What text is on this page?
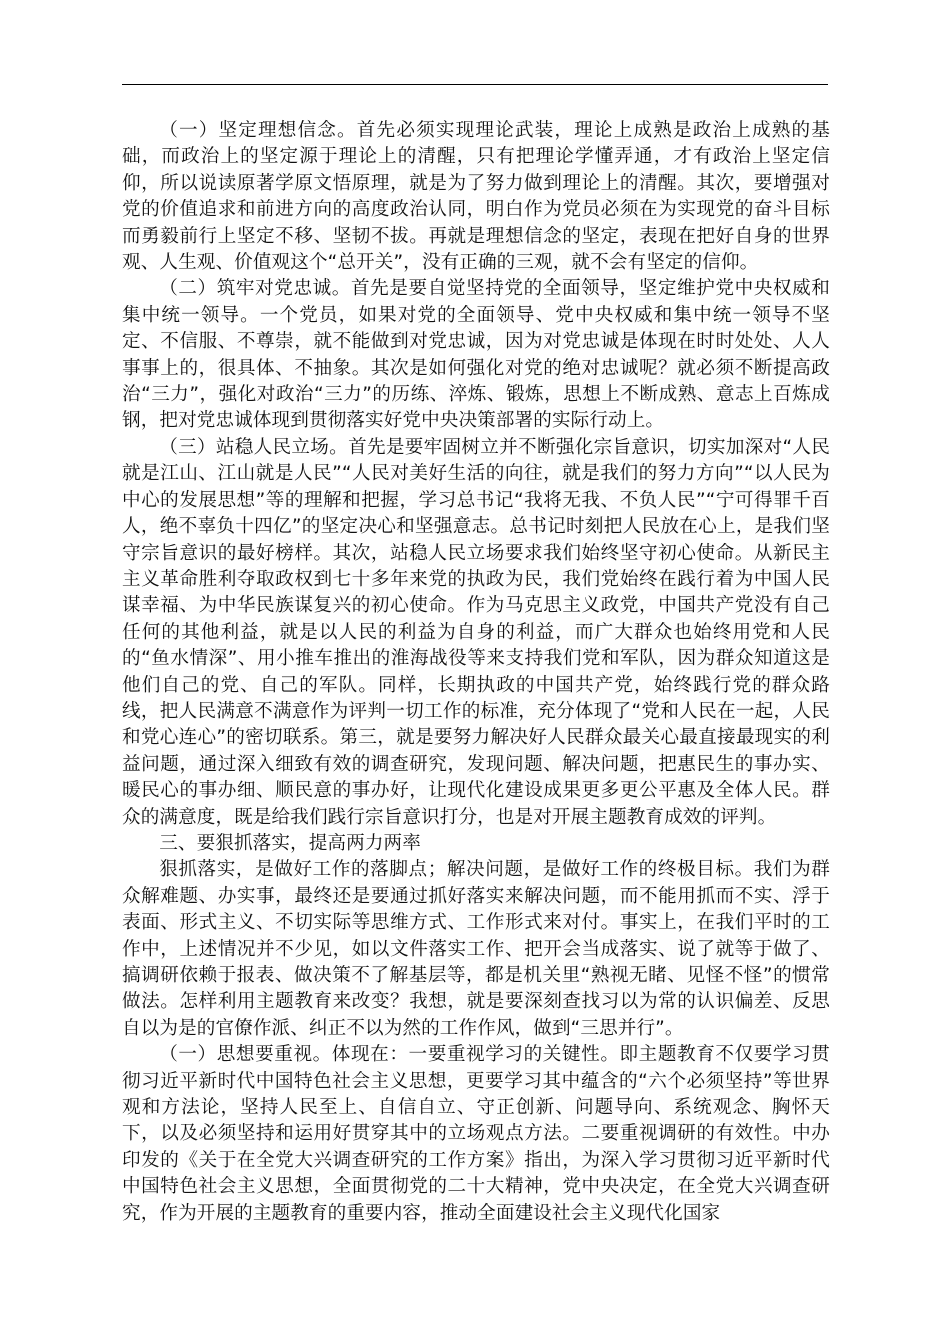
（一）坚定理想信念。首先必须实现理论武装，理论上成熟是政治上成熟的基础，而政治上的坚定源于理论上的清醒，只有把理论学懂弄通，才有政治上坚定信仰，所以说读原著学原文悟原理，就是为了努力做到理论上的清醒。其次，要增强对党的价值追求和前进方向的高度政治认同，明白作为党员必须在为实现党的奋斗目标而勇毅前行上坚定不移、坚韧不拔。再就是理想信念的坚定，表现在把好自身的世界观、人生观、价值观这个“总开关”，没有正确的三观，就不会有坚定的信仰。

（二）筑牢对党忠诚。首先是要自觉坚持党的全面领导，坚定维护党中央权威和集中统一领导。一个党员，如果对党的全面领导、党中央权威和集中统一领导不坚定、不信服、不尊崇，就不能做到对党忠诚，因为对党忠诚是体现在时时处处、人人事事上的，很具体、不抽象。其次是如何强化对党的绝对忠诚呢？就必须不断提高政治“三力”，强化对政治“三力”的历练、淬炼、锻炼，思想上不断成熟、意志上百炼成钢，把对党忠诚体现到贯彻落实好党中央决策部署的实际行动上。

（三）站稳人民立场。首先是要牢固树立并不断强化宗旨意识，切实加深对“人民就是江山、江山就是人民”“人民对美好生活的向往，就是我们的努力方向”“以人民为中心的发展思想”等的理解和把握，学习总书记“我将无我、不负人民”“宁可得罪千百人，绝不辜负十四亿”的坚定决心和坚强意志。总书记时刻把人民放在心上，是我们坚守宗旨意识的最好榜样。其次，站稳人民立场要求我们始终坚守初心使命。从新民主主义革命胜利夺取政权到七十多年来党的执政为民，我们党始终在践行着为中国人民谋幸福、为中华民族谋复兴的初心使命。作为马克思主义政党，中国共产党没有自己任何的其他利益，就是以人民的利益为自身的利益，而广大群众也始终用党和人民的“鱼水情深”、用小推车推出的淮海战役等来支持我们党和军队，因为群众知道这是他们自己的党、自己的军队。同样，长期执政的中国共产党，始终践行党的群众路线，把人民满意不满意作为评判一切工作的标准，充分体现了“党和人民在一起，人民和党心连心”的密切联系。第三，就是要努力解决好人民群众最关心最直接最现实的利益问题，通过深入细致有效的调查研究，发现问题、解决问题，把惠民生的事办实、暖民心的事办细、顺民意的事办好，让现代化建设成果更多更公平惠及全体人民。群众的满意度，既是给我们践行宗旨意识打分，也是对开展主题教育成效的评判。

三、要狠抓落实，提高两力两率

狠抓落实，是做好工作的落脚点；解决问题，是做好工作的终极目标。我们为群众解难题、办实事，最终还是要通过抓好落实来解决问题，而不能用抓而不实、浮于表面、形式主义、不切实际等思维方式、工作形式来对付。事实上，在我们平时的工作中，上述情况并不少见，如以文件落实工作、把开会当成落实、说了就等于做了、搞调研依赖于报表、做决策不了解基层等，都是机关里“熟视无睹、见怪不怪”的惯常做法。怎样利用主题教育来改变？我想，就是要深刻查找习以为常的认识偏差、反思自以为是的官僚作派、纠正不以为然的工作作风，做到“三思并行”。

（一）思想要重视。体现在：一要重视学习的关键性。即主题教育不仅要学习贯彻习近平新时代中国特色社会主义思想，更要学习其中蕴含的“六个必须坚持”等世界观和方法论，坚持人民至上、自信自立、守正创新、问题导向、系统观念、胸怀天下，以及必须坚持和运用好贯穿其中的立场观点方法。二要重视调研的有效性。中办印发的《关于在全党大兴调查研究的工作方案》指出，为深入学习贯彻习近平新时代中国特色社会主义思想，全面贯彻党的二十大精神，党中央决定，在全党大兴调查研究，作为开展的主题教育的重要内容，推动全面建设社会主义现代化国家
